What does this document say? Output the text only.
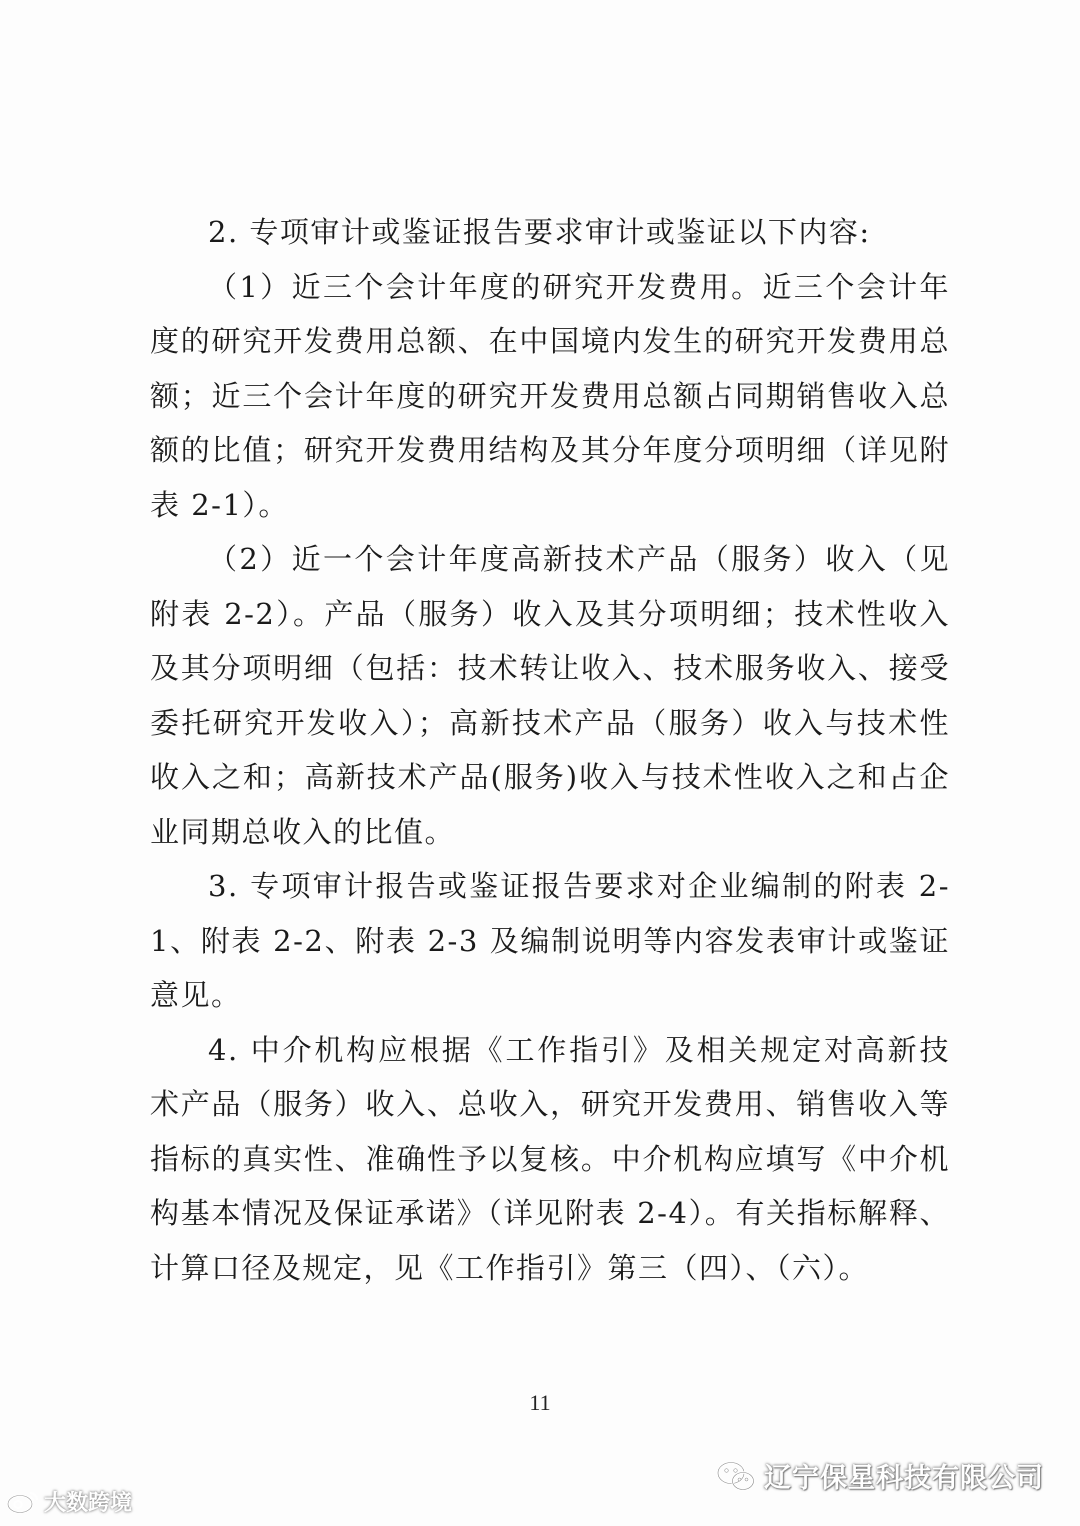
2. 专项审计或鉴证报告要求审计或鉴证以下内容:

（1）近三个会计年度的研究开发费用。近三个会计年度的研究开发费用总额、在中国境内发生的研究开发费用总额；近三个会计年度的研究开发费用总额占同期销售收入总额的比值；研究开发费用结构及其分年度分项明细（详见附表 2-1）。

（2）近一个会计年度高新技术产品（服务）收入（见附表 2-2）。产品（服务）收入及其分项明细；技术性收入及其分项明细（包括：技术转让收入、技术服务收入、接受委托研究开发收入）；高新技术产品（服务）收入与技术性收入之和；高新技术产品(服务)收入与技术性收入之和占企业同期总收入的比值。

3. 专项审计报告或鉴证报告要求对企业编制的附表 2-1、附表 2-2、附表 2-3 及编制说明等内容发表审计或鉴证意见。

4. 中介机构应根据《工作指引》及相关规定对高新技术产品（服务）收入、总收入，研究开发费用、销售收入等指标的真实性、准确性予以复核。中介机构应填写《中介机构基本情况及保证承诺》（详见附表 2-4）。有关指标解释、计算口径及规定，见《工作指引》第三（四）、（六）。

11
大数跨境
辽宁保星科技有限公司
